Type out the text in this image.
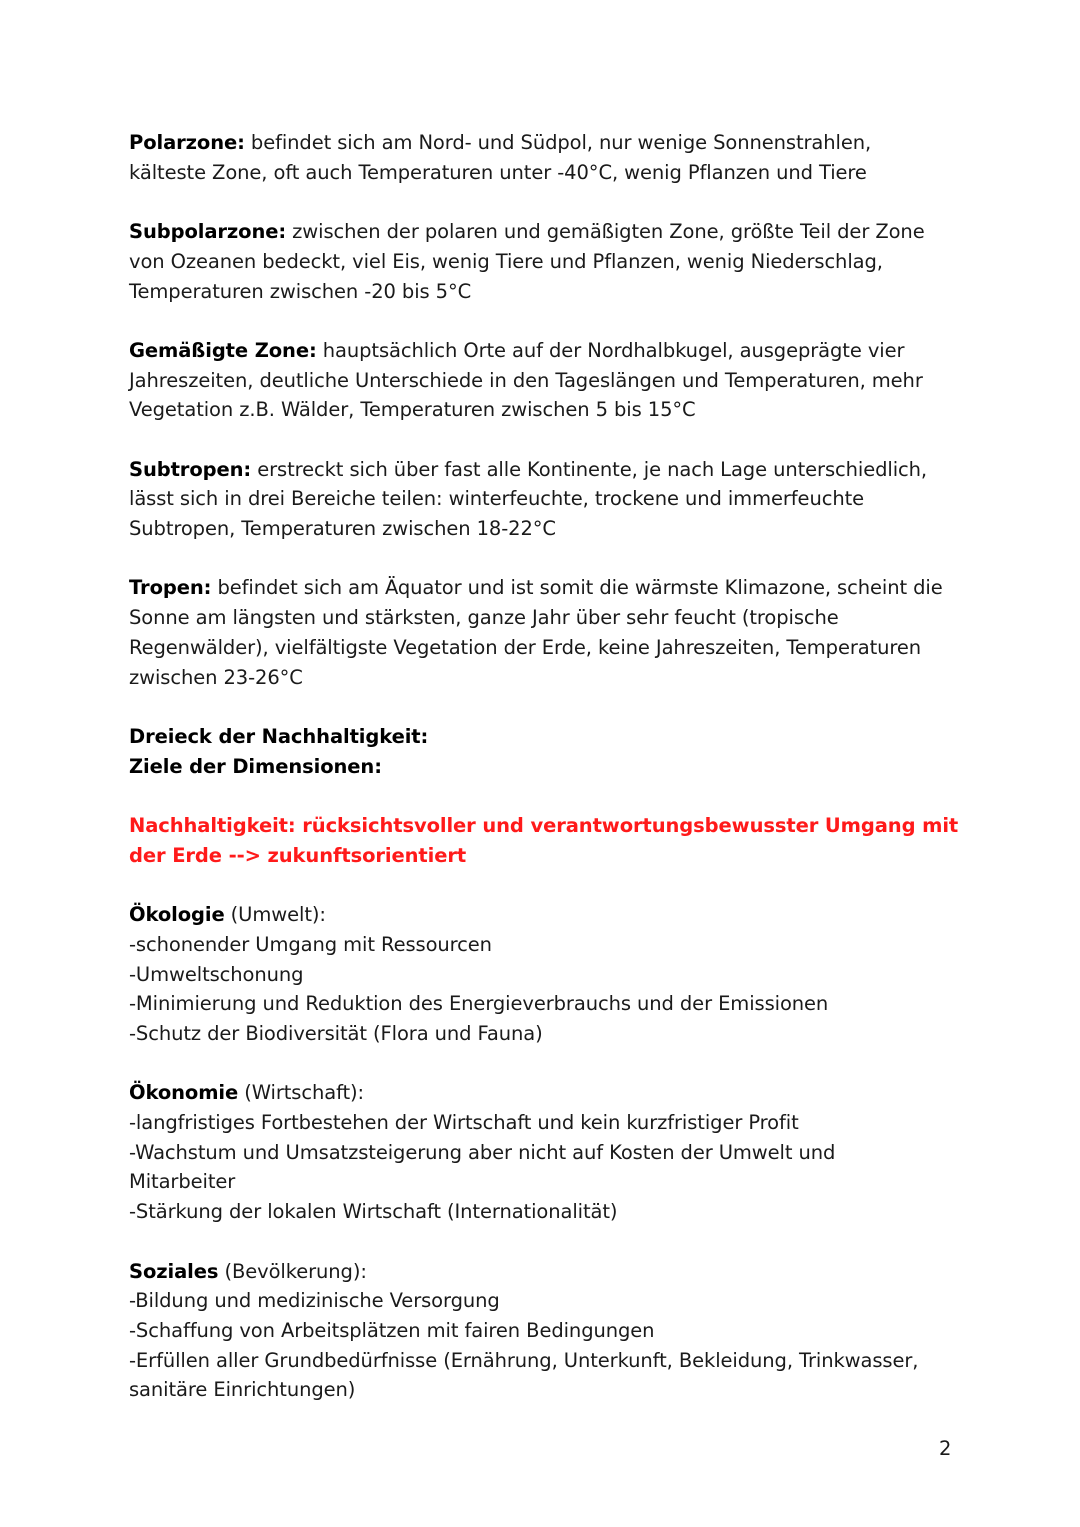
Polarzone: befindet sich am Nord- und Südpol, nur wenige Sonnenstrahlen,
kälteste Zone, oft auch Temperaturen unter -40°C, wenig Pflanzen und Tiere
Subpolarzone: zwischen der polaren und gemäßigten Zone, größte Teil der Zone
von Ozeanen bedeckt, viel Eis, wenig Tiere und Pflanzen, wenig Niederschlag,
Temperaturen zwischen -20 bis 5°C
Gemäßigte Zone: hauptsächlich Orte auf der Nordhalbkugel, ausgeprägte vier
Jahreszeiten, deutliche Unterschiede in den Tageslängen und Temperaturen, mehr
Vegetation z.B. Wälder, Temperaturen zwischen 5 bis 15°C
Subtropen: erstreckt sich über fast alle Kontinente, je nach Lage unterschiedlich,
lässt sich in drei Bereiche teilen: winterfeuchte, trockene und immerfeuchte
Subtropen, Temperaturen zwischen 18-22°C
Tropen: befindet sich am Äquator und ist somit die wärmste Klimazone, scheint die
Sonne am längsten und stärksten, ganze Jahr über sehr feucht (tropische
Regenwälder), vielfältigste Vegetation der Erde, keine Jahreszeiten, Temperaturen
zwischen 23-26°C
Dreieck der Nachhaltigkeit:
Ziele der Dimensionen:
Nachhaltigkeit: rücksichtsvoller und verantwortungsbewusster Umgang mit
der Erde --> zukunftsorientiert
Ökologie (Umwelt):
-schonender Umgang mit Ressourcen
-Umweltschonung
-Minimierung und Reduktion des Energieverbrauchs und der Emissionen
-Schutz der Biodiversität (Flora und Fauna)
Ökonomie (Wirtschaft):
-langfristiges Fortbestehen der Wirtschaft und kein kurzfristiger Profit
-Wachstum und Umsatzsteigerung aber nicht auf Kosten der Umwelt und
Mitarbeiter
-Stärkung der lokalen Wirtschaft (Internationalität)
Soziales (Bevölkerung):
-Bildung und medizinische Versorgung
-Schaffung von Arbeitsplätzen mit fairen Bedingungen
-Erfüllen aller Grundbedürfnisse (Ernährung, Unterkunft, Bekleidung, Trinkwasser,
sanitäre Einrichtungen)
2
